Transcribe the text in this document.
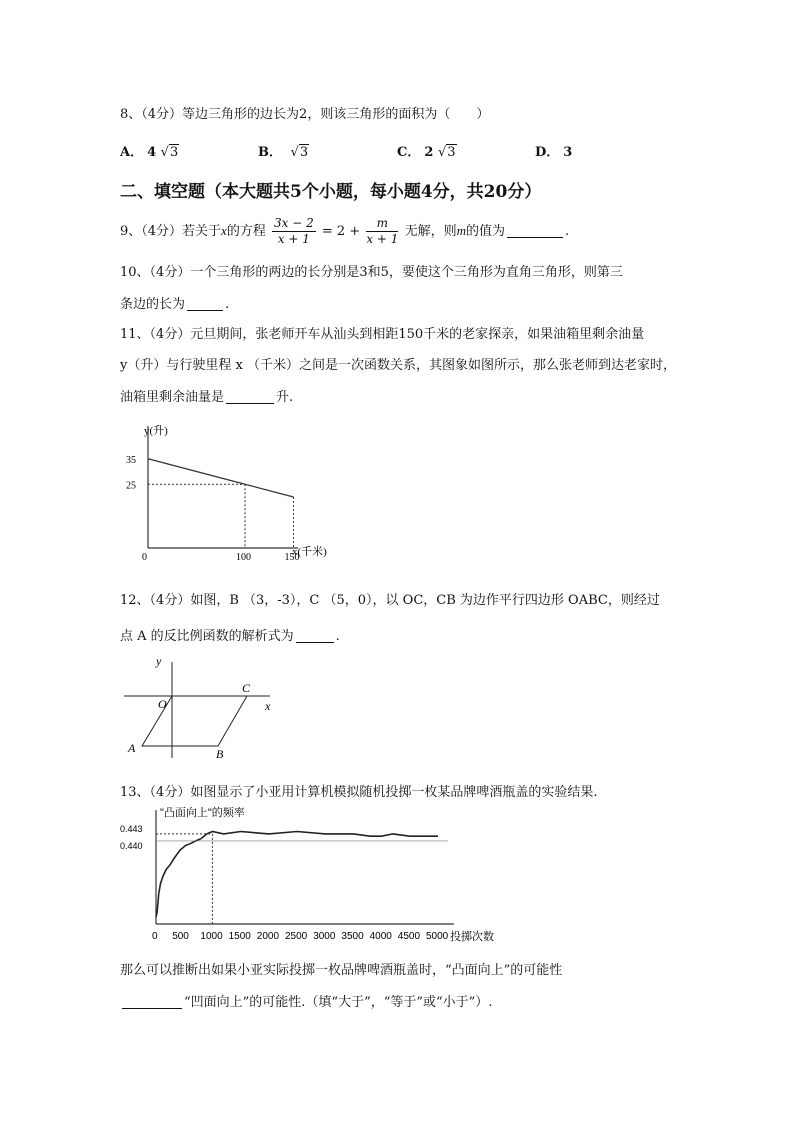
8、（4分）等边三角形的边长为2，则该三角形的面积为（　　）
A． 4 √3	B． √3	C． 2 √3	D． 3
二、填空题（本大题共5个小题，每小题4分，共20分）
9、（4分）若关于x的方程 $\frac{3x - 2}{x + 1} = 2 + \frac{m}{x + 1}$ 无解，则m的值为	.
10、（4分）一个三角形的两边的长分别是3和5，要使这个三角形为直角三角形，则第三
条边的长为	.
11、（4分）元旦期间，张老师开车从汕头到相距150千米的老家探亲，如果油箱里剩余油量
y（升）与行驶里程 x （千米）之间是一次函数关系，其图象如图所示，那么张老师到达老家时，
油箱里剩余油量是	升.
y(升)
x(千米)
0
35
25
100	150
12、（4分）如图，B （3，-3），C （5，0），以 OC，CB 为边作平行四边形 OABC，则经过
点 A 的反比例函数的解析式为	.
y
x
O
C
A	B
13、（4分）如图显示了小亚用计算机模拟随机投掷一枚某品牌啤酒瓶盖的实验结果.
"凸面向上"的频率
投掷次数
0
0.443
0.440
500 1000 1500 2000 2500 3000 3500 4000 4500 5000
那么可以推断出如果小亚实际投掷一枚品牌啤酒瓶盖时，“凸面向上”的可能性
“凹面向上”的可能性.（填“大于”，“等于”或“小于”）.
